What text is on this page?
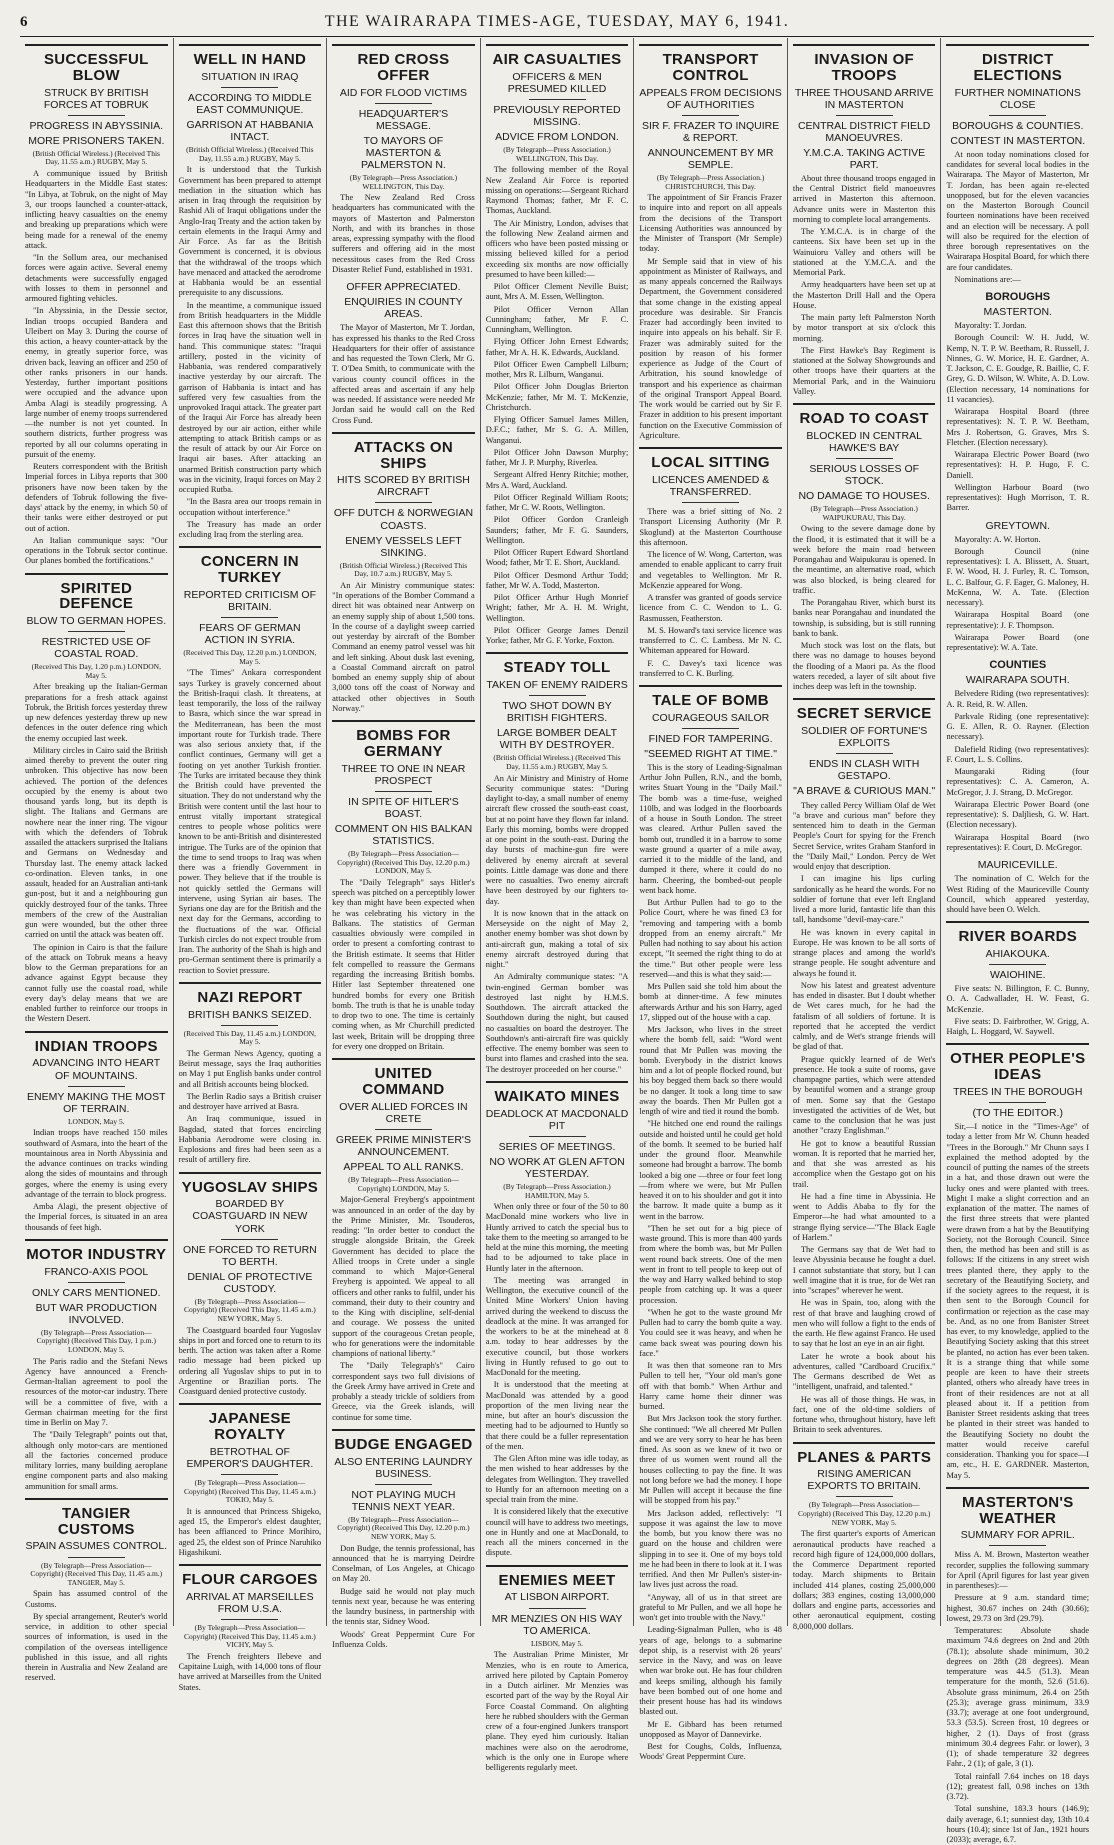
6	THE WAIRARAPA TIMES-AGE, TUESDAY, MAY 6, 1941.
SUCCESSFUL BLOW
STRUCK BY BRITISH FORCES AT TOBRUK
PROGRESS IN ABYSSINIA.
MORE PRISONERS TAKEN.
(British Official Wireless.) (Received This Day, 11.55 a.m.) RUGBY, May 5.

A communique issued by British Headquarters in the Middle East states: "In Libya, at Tobruk, on the night of May 3, our troops launched a counter-attack, inflicting heavy casualties on the enemy and breaking up preparations which were being made for a renewal of the enemy attack.

"In the Sollum area, our mechanised forces were again active. Several enemy detachments were successfully engaged with losses to them in personnel and armoured fighting vehicles.

"In Abyssinia, in the Dessie sector, Indian troops occupied Bandera and Uleibert on May 3. During the course of this action, a heavy counter-attack by the enemy, in greatly superior force, was driven back, leaving an officer and 250 of other ranks prisoners in our hands. Yesterday, further important positions were occupied and the advance upon Amba Alagi is steadily progressing. A large number of enemy troops surrendered—the number is not yet counted. In southern districts, further progress was reported by all our columns operating in pursuit of the enemy.

Reuters correspondent with the British Imperial forces in Libya reports that 300 prisoners have now been taken by the defenders of Tobruk following the five-days' attack by the enemy, in which 50 of their tanks were either destroyed or put out of action.

An Italian communique says: "Our operations in the Tobruk sector continue. Our planes bombed the fortifications."

SPIRITED DEFENCE
BLOW TO GERMAN HOPES.
RESTRICTED USE OF COASTAL ROAD.
(Received This Day, 1.20 p.m.) LONDON, May 5.

After breaking up the Italian-German preparations for a fresh attack against Tobruk, the British forces yesterday threw up new defences yesterday threw up new defences in the outer defence ring which the enemy occupied last week.

Military circles in Cairo said the British aimed thereby to prevent the outer ring unbroken. This objective has now been achieved. The portion of the defences occupied by the enemy is about two thousand yards long, but its depth is slight. The Italians and Germans are nowhere near the inner ring. The vigour with which the defenders of Tobruk assailed the attackers surprised the Italians and Germans on Wednesday and Thursday last. The enemy attack lacked co-ordination. Eleven tanks, in one assault, headed for an Australian anti-tank gun-post, but it and a neighbouring gun quickly destroyed four of the tanks. Three members of the crew of the Australian gun were wounded, but the other three carried on until the attack was beaten off.

The opinion in Cairo is that the failure of the attack on Tobruk means a heavy blow to the German preparations for an advance against Egypt because they cannot fully use the coastal road, while every day's delay means that we are enabled further to reinforce our troops in the Western Desert.

INDIAN TROOPS
ADVANCING INTO HEART OF MOUNTAINS.
ENEMY MAKING THE MOST OF TERRAIN.
LONDON, May 5.

Indian troops have reached 150 miles southward of Asmara, into the heart of the mountainous area in North Abyssinia and the advance continues on tracks winding along the sides of mountains and through gorges, where the enemy is using every advantage of the terrain to block progress.

Amba Alagi, the present objective of the Imperial forces, is situated in an area thousands of feet high.

MOTOR INDUSTRY
FRANCO-AXIS POOL
ONLY CARS MENTIONED.
BUT WAR PRODUCTION INVOLVED.
(By Telegraph—Press Association—Copyright) (Received This Day, 1 p.m.) LONDON, May 5.

The Paris radio and the Stefani News Agency have announced a French-German-Italian agreement to pool the resources of the motor-car industry. There will be a committee of five, with a German chairman meeting for the first time in Berlin on May 7.

The "Daily Telegraph" points out that, although only motor-cars are mentioned all the factories concerned produce military lorries, many building aeroplane engine component parts and also making ammunition for small arms.

TANGIER CUSTOMS
SPAIN ASSUMES CONTROL.
(By Telegraph—Press Association—Copyright) (Received This Day, 11.45 a.m.) TANGIER, May 5.

Spain has assumed control of the Customs.

By special arrangement, Reuter's world service, in addition to other special sources of information, is used in the compilation of the overseas intelligence published in this issue, and all rights therein in Australia and New Zealand are reserved.

WELL IN HAND
SITUATION IN IRAQ
ACCORDING TO MIDDLE EAST COMMUNIQUE.
GARRISON AT HABBANIA INTACT.
(British Official Wireless.) (Received This Day, 11.55 a.m.) RUGBY, May 5.

It is understood that the Turkish Government has been prepared to attempt mediation in the situation which has arisen in Iraq through the requisition by Rashid Ali of Iraqui obligations under the Anglo-Iraq Treaty and the action taken by certain elements in the Iraqui Army and Air Force. As far as the British Government is concerned, it is obvious that the withdrawal of the troops which have menaced and attacked the aerodrome at Habbania would be an essential prerequisite to any discussions.

In the meantime, a communique issued from British headquarters in the Middle East this afternoon shows that the British forces in Iraq have the situation well in hand. This communique states: "Iraqui artillery, posted in the vicinity of Habbania, was rendered comparatively inactive yesterday by our aircraft. The garrison of Habbania is intact and has suffered very few casualties from the unprovoked Iraqui attack. The greater part of the Iraqui Air Force has already been destroyed by our air action, either while attempting to attack British camps or as the result of attack by our Air Force on Iraqui air bases. After attacking an unarmed British construction party which was in the vicinity, Iraqui forces on May 2 occupied Rutba.

"In the Basra area our troops remain in occupation without interference."

The Treasury has made an order excluding Iraq from the sterling area.

CONCERN IN TURKEY
REPORTED CRITICISM OF BRITAIN.
FEARS OF GERMAN ACTION IN SYRIA.
(Received This Day, 12.20 p.m.) LONDON, May 5.

"The Times" Ankara correspondent says Turkey is gravely concerned about the British-Iraqui clash. It threatens, at least temporarily, the loss of the railway to Basra, which since the war spread in the Mediterranean, has been the most important route for Turkish trade. There was also serious anxiety that, if the conflict continues, Germany will get a footing on yet another Turkish frontier. The Turks are irritated because they think the British could have prevented the situation. They do not understand why the British were content until the last hour to entrust vitally important strategical centres to people whose politics were known to be anti-British and disinterested intrigue. The Turks are of the opinion that the time to send troops to Iraq was when there was a friendly Government in power. They believe that if the trouble is not quickly settled the Germans will intervene, using Syrian air bases. The Syrians one day are for the British and the next day for the Germans, according to the fluctuations of the war. Official Turkish circles do not expect trouble from Iran. The authority of the Shah is high and pro-German sentiment there is primarily a reaction to Soviet pressure.

NAZI REPORT
BRITISH BANKS SEIZED.
(Received This Day, 11.45 a.m.) LONDON, May 5.

The German News Agency, quoting a Beirut message, says the Iraq authorities on May 1 put English banks under control and all British accounts being blocked.

The Berlin Radio says a British cruiser and destroyer have arrived at Basra.

An Iraq communique, issued in Bagdad, stated that forces encircling Habbania Aerodrome were closing in. Explosions and fires had been seen as a result of artillery fire.

YUGOSLAV SHIPS
BOARDED BY COASTGUARD IN NEW YORK
ONE FORCED TO RETURN TO BERTH.
DENIAL OF PROTECTIVE CUSTODY.
(By Telegraph—Press Association—Copyright) (Received This Day, 11.45 a.m.) NEW YORK, May 5.

The Coastguard boarded four Yugoslav ships in port and forced one to return to its berth. The action was taken after a Rome radio message had been picked up ordering all Yugoslav ships to put in to Argentine or Brazilian ports. The Coastguard denied protective custody.

JAPANESE ROYALTY
BETROTHAL OF EMPEROR'S DAUGHTER.
(By Telegraph—Press Association—Copyright) (Received This Day, 11.45 a.m.) TOKIO, May 5.

It is announced that Princess Shigeko, aged 15, the Emperor's eldest daughter, has been affianced to Prince Morihiro, aged 25, the eldest son of Prince Naruhiko Higashikuni.

FLOUR CARGOES
ARRIVAL AT MARSEILLES FROM U.S.A.
(By Telegraph—Press Association—Copyright) (Received This Day, 11.45 a.m.) VICHY, May 5.

The French freighters Ilebeve and Capitaine Luigh, with 14,000 tons of flour have arrived at Marseilles from the United States.

RED CROSS OFFER
AID FOR FLOOD VICTIMS
HEADQUARTER'S MESSAGE.
TO MAYORS OF MASTERTON & PALMERSTON N.
(By Telegraph—Press Association.) WELLINGTON, This Day.

The New Zealand Red Cross headquarters has communicated with the mayors of Masterton and Palmerston North, and with its branches in those areas, expressing sympathy with the flood sufferers and offering aid in the most necessitous cases from the Red Cross Disaster Relief Fund, established in 1931.

OFFER APPRECIATED.
ENQUIRIES IN COUNTY AREAS.

The Mayor of Masterton, Mr T. Jordan, has expressed his thanks to the Red Cross Headquarters for their offer of assistance and has requested the Town Clerk, Mr G. T. O'Dea Smith, to communicate with the various county council offices in the affected areas and ascertain if any help was needed. If assistance were needed Mr Jordan said he would call on the Red Cross Fund.

ATTACKS ON SHIPS
HITS SCORED BY BRITISH AIRCRAFT
OFF DUTCH & NORWEGIAN COASTS.
ENEMY VESSELS LEFT SINKING.
(British Official Wireless.) (Received This Day, 10.7 a.m.) RUGBY, May 5.

An Air Ministry communique states: "In operations of the Bomber Command a direct hit was obtained near Antwerp on an enemy supply ship of about 1,500 tons. In the course of a daylight sweep carried out yesterday by aircraft of the Bomber Command an enemy patrol vessel was hit and left sinking. About dusk last evening, a Coastal Command aircraft on patrol bombed an enemy supply ship of about 3,000 tons off the coast of Norway and attacked other objectives in South Norway."

BOMBS FOR GERMANY
THREE TO ONE IN NEAR PROSPECT
IN SPITE OF HITLER'S BOAST.
COMMENT ON HIS BALKAN STATISTICS.
(By Telegraph—Press Association—Copyright) (Received This Day, 12.20 p.m.) LONDON, May 5.

The "Daily Telegraph" says Hitler's speech was pitched on a perceptibly lower key than might have been expected when he was celebrating his victory in the Balkans. The statistics of German casualties obviously were compiled in order to present a comforting contrast to the British estimate. It seems that Hitler felt compelled to reassure the Germans regarding the increasing British bombs. Hitler last September threatened one hundred bombs for every one British bomb. The truth is that he is unable today to drop two to one. The time is certainly coming when, as Mr Churchill predicted last week, Britain will be dropping three for every one dropped on Britain.

UNITED COMMAND
OVER ALLIED FORCES IN CRETE
GREEK PRIME MINISTER'S ANNOUNCEMENT.
APPEAL TO ALL RANKS.
(By Telegraph—Press Association—Copyright) LONDON, May 5.

Major-General Freyberg's appointment was announced in an order of the day by the Prime Minister, Mr. Tsouderos, reading: "In order better to conduct the struggle alongside Britain, the Greek Government has decided to place the Allied troops in Crete under a single command to which Major-General Freyberg is appointed. We appeal to all officers and other ranks to fulfil, under his command, their duty to their country and to the King with discipline, self-denial and courage. We possess the united support of the courageous Cretan people, who for generations were the indomitable champions of national liberty."

The "Daily Telegraph's" Cairo correspondent says two full divisions of the Greek Army have arrived in Crete and probably a steady trickle of soldiers from Greece, via the Greek islands, will continue for some time.

BUDGE ENGAGED
ALSO ENTERING LAUNDRY BUSINESS.
NOT PLAYING MUCH TENNIS NEXT YEAR.
(By Telegraph—Press Association—Copyright) (Received This Day, 12.20 p.m.) NEW YORK, May 5.

Don Budge, the tennis professional, has announced that he is marrying Deirdre Conselman, of Los Angeles, at Chicago on May 20.

Budge said he would not play much tennis next year, because he was entering the laundry business, in partnership with the tennis star, Sidney Wood.

Woods' Great Peppermint Cure For Influenza Colds.

AIR CASUALTIES
OFFICERS & MEN PRESUMED KILLED
PREVIOUSLY REPORTED MISSING.
ADVICE FROM LONDON.
(By Telegraph—Press Association.) WELLINGTON, This Day.

The following member of the Royal New Zealand Air Force is reported missing on operations:—Sergeant Richard Raymond Thomas; father, Mr F. C. Thomas, Auckland.

The Air Ministry, London, advises that the following New Zealand airmen and officers who have been posted missing or missing believed killed for a period exceeding six months are now officially presumed to have been killed:—

Pilot Officer Clement Neville Buist; aunt, Mrs A. M. Essen, Wellington.

Pilot Officer Vernon Allan Cunningham; father, Mr F. C. Cunningham, Wellington.

Flying Officer John Ernest Edwards; father, Mr A. H. K. Edwards, Auckland.

Pilot Officer Ewen Campbell Lilburn; mother, Mrs R. Lilburn, Wanganui.

Pilot Officer John Douglas Brierton McKenzie; father, Mr M. T. McKenzie, Christchurch.

Flying Officer Samuel James Millen, D.F.C.; father, Mr S. G. A. Millen, Wanganui.

Pilot Officer John Dawson Murphy; father, Mr J. P. Murphy, Riverlea.

Sergeant Alfred Henry Ritchie; mother, Mrs A. Ward, Auckland.

Pilot Officer Reginald William Roots; father, Mr C. W. Roots, Wellington.

Pilot Officer Gordon Cranleigh Saunders; father, Mr F. G. Saunders, Wellington.

Pilot Officer Rupert Edward Shortland Wood; father, Mr T. E. Short, Auckland.

Pilot Officer Desmond Arthur Todd; father, Mr W. A. Todd, Masterton.

Pilot Officer Arthur Hugh Monrief Wright; father, Mr A. H. M. Wright, Wellington.

Pilot Officer George James Denzil Yorke; father, Mr G. F. Yorke, Foxton.

STEADY TOLL
TAKEN OF ENEMY RAIDERS
TWO SHOT DOWN BY BRITISH FIGHTERS.
LARGE BOMBER DEALT WITH BY DESTROYER.
(British Official Wireless.) (Received This Day, 11.55 a.m.) RUGBY, May 5.

An Air Ministry and Ministry of Home Security communique states: "During daylight to-day, a small number of enemy aircraft flew crossed the south-east coast, but at no point have they flown far inland. Early this morning, bombs were dropped at one point in the south-east. During the day bursts of machine-gun fire were delivered by enemy aircraft at several points. Little damage was done and there were no casualties. Two enemy aircraft have been destroyed by our fighters to-day.

It is now known that in the attack on Merseyside on the night of May 2, another enemy bomber was shot down by anti-aircraft gun, making a total of six enemy aircraft destroyed during that night."

An Admiralty communique states: "A twin-engined German bomber was destroyed last night by H.M.S. Southdown. The aircraft attacked the Southdown during the night, but caused no casualties on board the destroyer. The Southdown's anti-aircraft fire was quickly effective. The enemy bomber was seen to burst into flames and crashed into the sea. The destroyer proceeded on her course."

WAIKATO MINES
DEADLOCK AT MACDONALD PIT
SERIES OF MEETINGS.
NO WORK AT GLEN AFTON YESTERDAY.
(By Telegraph—Press Association.) HAMILTON, May 5.

When only three or four of the 50 to 80 MacDonald mine workers who live in Huntly arrived to catch the special bus to take them to the meeting so arranged to be held at the mine this morning, the meeting had to be adjourned to take place in Huntly later in the afternoon.

The meeting was arranged in Wellington, the executive council of the United Mine Workers' Union having arrived during the weekend to discuss the deadlock at the mine. It was arranged for the workers to be at the minehead at 8 a.m. today to hear addresses by the executive council, but those workers living in Huntly refused to go out to MacDonald for the meeting.

It is understood that the meeting at MacDonald was attended by a good proportion of the men living near the mine, but after an hour's discussion the meeting had to be adjourned to Huntly so that there could be a fuller representation of the men.

The Glen Afton mine was idle today, as the men wished to hear addresses by the delegates from Wellington. They travelled to Huntly for an afternoon meeting on a special train from the mine.

It is considered likely that the executive council will have to address two meetings, one in Huntly and one at MacDonald, to reach all the miners concerned in the dispute.

ENEMIES MEET
AT LISBON AIRPORT.
MR MENZIES ON HIS WAY TO AMERICA.
LISBON, May 5.

The Australian Prime Minister, Mr Menzies, who is en route to America, arrived here piloted by Captain Pomeroy in a Dutch airliner. Mr Menzies was escorted part of the way by the Royal Air Force Coastal Command. On alighting here he rubbed shoulders with the German crew of a four-engined Junkers transport plane. They eyed him curiously. Italian machines were also on the aerodrome, which is the only one in Europe where belligerents regularly meet.

TRANSPORT CONTROL
APPEALS FROM DECISIONS OF AUTHORITIES
SIR F. FRAZER TO INQUIRE & REPORT.
ANNOUNCEMENT BY MR SEMPLE.
(By Telegraph—Press Association.) CHRISTCHURCH, This Day.

The appointment of Sir Francis Frazer to inquire into and report on all appeals from the decisions of the Transport Licensing Authorities was announced by the Minister of Transport (Mr Semple) today.

Mr Semple said that in view of his appointment as Minister of Railways, and as many appeals concerned the Railways Department, the Government considered that some change in the existing appeal procedure was desirable. Sir Francis Frazer had accordingly been invited to inquire into appeals on his behalf. Sir F. Frazer was admirably suited for the position by reason of his former experience as Judge of the Court of Arbitration, his sound knowledge of transport and his experience as chairman of the original Transport Appeal Board. The work would be carried out by Sir F. Frazer in addition to his present important function on the Executive Commission of Agriculture.

LOCAL SITTING
LICENCES AMENDED & TRANSFERRED.

There was a brief sitting of No. 2 Transport Licensing Authority (Mr P. Skoglund) at the Masterton Courthouse this afternoon.

The licence of W. Wong, Carterton, was amended to enable applicant to carry fruit and vegetables to Wellington. Mr R. McKenzie appeared for Wong.

A transfer was granted of goods service licence from C. C. Wendon to L. G. Rasmussen, Featherston.

M. S. Howard's taxi service licence was transferred to C. C. Lambess. Mr N. C. Whiteman appeared for Howard.

F. C. Davey's taxi licence was transferred to C. K. Burling.

TALE OF BOMB
COURAGEOUS SAILOR
FINED FOR TAMPERING.
"SEEMED RIGHT AT TIME."

This is the story of Leading-Signalman Arthur John Pullen, R.N., and the bomb, writes Stuart Young in the "Daily Mail." The bomb was a time-fuse, weighed 110lb, and was lodged in the floorboards of a house in South London. The street was cleared. Arthur Pullen saved the bomb out, trundled it in a barrow to some waste ground a quarter of a mile away, carried it to the middle of the land, and dumped it there, where it could do no harm. Cheering, the bombed-out people went back home.

But Arthur Pullen had to go to the Police Court, where he was fined £3 for "removing and tampering with a bomb dropped from an enemy aircraft." Mr Pullen had nothing to say about his action except, "It seemed the right thing to do at the time." But other people were less reserved—and this is what they said:—

Mrs Pullen said she told him about the bomb at dinner-time. A few minutes afterwards Arthur and his son Harry, aged 17, slipped out of the house with a cap.

Mrs Jackson, who lives in the street where the bomb fell, said: "Word went round that Mr Pullen was moving the bomb. Everybody in the district knows him and a lot of people flocked round, but his boy begged them back so there would be no danger. It took a long time to saw away the boards. Then Mr Pullen got a length of wire and tied it round the bomb.

"He hitched one end round the railings outside and hoisted until he could get hold of the bomb. It seemed to be buried half under the ground floor. Meanwhile someone had brought a barrow. The bomb looked a big one —three or four feet long—from where we were, but Mr Pullen heaved it on to his shoulder and got it into the barrow. It made quite a bump as it went in the barrow.

"Then he set out for a big piece of waste ground. This is more than 400 yards from where the bomb was, but Mr Pullen went round back streets. One of the men went in front to tell people to keep out of the way and Harry walked behind to stop people from catching up. It was a queer procession.

"When he got to the waste ground Mr Pullen had to carry the bomb quite a way. You could see it was heavy, and when he came back sweat was pouring down his face."

It was then that someone ran to Mrs Pullen to tell her, "Your old man's gone off with that bomb." When Arthur and Harry came home their dinner was burned.

But Mrs Jackson took the story further. She continued: "We all cheered Mr Pullen and we are very sorry to hear he has been fined. As soon as we knew of it two or three of us women went round all the houses collecting to pay the fine. It was not long before we had the money. I hope Mr Pullen will accept it because the fine will be stopped from his pay."

Mrs Jackson added, reflectively: "I suppose it was against the law to move the bomb, but you know there was no guard on the house and children were slipping in to see it. One of my boys told me he had been in there to look at it. I was terrified. And then Mr Pullen's sister-in-law lives just across the road.

"Anyway, all of us in that street are grateful to Mr Pullen, and we all hope he won't get into trouble with the Navy."

Leading-Signalman Pullen, who is 48 years of age, belongs to a submarine depot ship, is a reservist with 26 years' service in the Navy, and was on leave when war broke out. He has four children and keeps smiling, although his family have been bombed out of one home and their present house has had its windows blasted out.

Mr E. Gibbard has been returned unopposed as Mayor of Dannevirke.

Best for Coughs, Colds, Influenza, Woods' Great Peppermint Cure.

INVASION OF TROOPS
THREE THOUSAND ARRIVE IN MASTERTON
CENTRAL DISTRICT FIELD MANOEUVRES.
Y.M.C.A. TAKING ACTIVE PART.

About three thousand troops engaged in the Central District field manoeuvres arrived in Masterton this afternoon. Advance units were in Masterton this morning to complete local arrangements.

The Y.M.C.A. is in charge of the canteens. Six have been set up in the Wainuioru Valley and others will be stationed at the Y.M.C.A. and the Memorial Park.

Army headquarters have been set up at the Masterton Drill Hall and the Opera House.

The main party left Palmerston North by motor transport at six o'clock this morning.

The First Hawke's Bay Regiment is stationed at the Solway Showgrounds and other troops have their quarters at the Memorial Park, and in the Wainuioru Valley.

ROAD TO COAST
BLOCKED IN CENTRAL HAWKE'S BAY
SERIOUS LOSSES OF STOCK.
NO DAMAGE TO HOUSES.
(By Telegraph—Press Association.) WAIPUKURAU, This Day.

Owing to the severe damage done by the flood, it is estimated that it will be a week before the main road between Porangahau and Waipukurau is opened. In the meantime, an alternative road, which was also blocked, is being cleared for traffic.

The Porangahau River, which burst its banks near Porangahau and inundated the township, is subsiding, but is still running bank to bank.

Much stock was lost on the flats, but there was no damage to houses beyond the flooding of a Maori pa. As the flood waters receded, a layer of silt about five inches deep was left in the township.

SECRET SERVICE
SOLDIER OF FORTUNE'S EXPLOITS
ENDS IN CLASH WITH GESTAPO.
"A BRAVE & CURIOUS MAN."

They called Percy William Olaf de Wet "a brave and curious man" before they sentenced him to death in the German People's Court for spying for the French Secret Service, writes Graham Stanford in the "Daily Mail," London. Percy de Wet would enjoy that description.

I can imagine his lips curling sardonically as he heard the words. For no soldier of fortune that ever left England lived a more lurid, fantastic life than this tall, handsome "devil-may-care."

He was known in every capital in Europe. He was known to be all sorts of strange places and among the world's strange people. He sought adventure and always he found it.

Now his latest and greatest adventure has ended in disaster. But I doubt whether de Wet cares much, for he had the fatalism of all soldiers of fortune. It is reported that he accepted the verdict calmly, and de Wet's strange friends will be glad of that.

Prague quickly learned of de Wet's presence. He took a suite of rooms, gave champagne parties, which were attended by beautiful women and a strange group of men. Some say that the Gestapo investigated the activities of de Wet, but came to the conclusion that he was just another "crazy Englishman."

He got to know a beautiful Russian woman. It is reported that he married her, and that she was arrested as his accomplice when the Gestapo got on his trail.

He had a fine time in Abyssinia. He went to Addis Ababa to fly for the Emperor—he had what amounted to a strange flying service—"The Black Eagle of Harlem."

The Germans say that de Wet had to leave Abyssinia because he fought a duel. I cannot substantiate that story, but I can well imagine that it is true, for de Wet ran into "scrapes" wherever he went.

He was in Spain, too, along with the rest of that brave and laughing crowd of men who will follow a fight to the ends of the earth. He flew against Franco. He used to say that he lost an eye in an air fight.

Later he wrote a book about his adventures, called "Cardboard Crucifix." The Germans described de Wet as "intelligent, unafraid, and talented."

He was all of those things. He was, in fact, one of the old-time soldiers of fortune who, throughout history, have left Britain to seek adventures.

PLANES & PARTS
RISING AMERICAN EXPORTS TO BRITAIN.
(By Telegraph—Press Association—Copyright) (Received This Day, 12.20 p.m.) NEW YORK, May 5.

The first quarter's exports of American aeronautical products have reached a record high figure of 124,000,000 dollars, the Commerce Department reported today. March shipments to Britain included 414 planes, costing 25,000,000 dollars; 383 engines, costing 13,000,000 dollars and engine parts, accessories and other aeronautical equipment, costing 8,000,000 dollars.

DISTRICT ELECTIONS
FURTHER NOMINATIONS CLOSE
BOROUGHS & COUNTIES.
CONTEST IN MASTERTON.

At noon today nominations closed for candidates for several local bodies in the Wairarapa. The Mayor of Masterton, Mr T. Jordan, has been again re-elected unopposed, but for the eleven vacancies on the Masterton Borough Council fourteen nominations have been received and an election will be necessary. A poll will also be required for the election of three borough representatives on the Wairarapa Hospital Board, for which there are four candidates.

Nominations are:—

BOROUGHS
MASTERTON.

Mayoralty: T. Jordan.

Borough Council: W. H. Judd, W. Kemp, N. T. P. W. Beetham, R. Russell, J. Ninnes, G. W. Morice, H. E. Gardner, A. T. Jackson, C. E. Goudge, R. Baillie, C. F. Grey, G. D. Wilson, W. White, A. D. Low. (Election necessary, 14 nominations for 11 vacancies).

Wairarapa Hospital Board (three representatives): N. T. P. W. Beetham, Mrs J. Robertson, G. Graves, Mrs S. Fletcher. (Election necessary).

Wairarapa Electric Power Board (two representatives): H. P. Hugo, F. C. Daniell.

Wellington Harbour Board (two representatives): Hugh Morrison, T. R. Barrer.

GREYTOWN.

Mayoralty: A. W. Horton.

Borough Council (nine representatives): I. A. Blissett, A. Stuart, F. W. Wood, H. J. Furley, R. C. Tomson, L. C. Balfour, G. F. Eager, G. Maloney, H. McKenna, W. A. Tate. (Election necessary).

Wairarapa Hospital Board (one representative): J. F. Thompson.

Wairarapa Power Board (one representative): W. A. Tate.

COUNTIES
WAIRARAPA SOUTH.

Belvedere Riding (two representatives): A. R. Reid, R. W. Allen.

Parkvale Riding (one representative): G. E. Allen, R. O. Rayner. (Election necessary).

Dalefield Riding (two representatives): F. Court, L. S. Collins.

Maungaraki Riding (four representatives): C. A. Cameron, A. McGregor, J. J. Strang, D. McGregor.

Wairarapa Electric Power Board (one representative): S. Daljliesh, G. W. Hart. (Election necessary).

Wairarapa Hospital Board (two representatives): F. Court, D. McGregor.

MAURICEVILLE.

The nomination of C. Welch for the West Riding of the Mauriceville County Council, which appeared yesterday, should have been O. Welch.

RIVER BOARDS
AHIAKOUKA.
WAIOHINE.

Five seats: N. Billington, F. C. Bunny, O. A. Cadwallader, H. W. Feast, G. McKenzie.

Five seats: D. Fairbrother, W. Grigg, A. Haigh, L. Hoggard, W. Saywell.

OTHER PEOPLE'S IDEAS
TREES IN THE BOROUGH
(TO THE EDITOR.)

Sir,—I notice in the "Times-Age" of today a letter from Mr W. Chunn headed "Trees in the Borough." Mr Chunn says I explained the method adopted by the council of putting the names of the streets in a hat, and those drawn out were the lucky ones and were planted with trees. Might I make a slight correction and an explanation of the matter. The names of the first three streets that were planted were drawn from a hat by the Beautifying Society, not the Borough Council. Since then, the method has been and still is as follows: If the citizens in any street wish trees planted there, they apply to the secretary of the Beautifying Society, and if the society agrees to the request, it is then sent to the Borough Council for confirmation or rejection as the case may be. And, as no one from Banister Street has ever, to my knowledge, applied to the Beautifying Society asking that this street be planted, no action has ever been taken. It is a strange thing that while some people are keen to have their streets planted, others who already have trees in front of their residences are not at all pleased about it. If a petition from Banister Street residents asking that trees be planted in their street was handed to the Beautifying Society no doubt the matter would receive careful consideration. Thanking you for space—I am, etc., H. E. GARDNER. Masterton, May 5.

MASTERTON'S WEATHER
SUMMARY FOR APRIL.

Miss A. M. Brown, Masterton weather recorder, supplies the following summary for April (April figures for last year given in parentheses):—

Pressure at 9 a.m. standard time; highest, 30.67 inches on 24th (30.66); lowest, 29.73 on 3rd (29.79).

Temperatures: Absolute shade maximum 74.6 degrees on 2nd and 20th (78.1); absolute shade minimum, 30.2 degrees on 28th (28 degrees). Mean temperature was 44.5 (51.3). Mean temperature for the month, 52.6 (51.6). Absolute grass minimum, 26.4 on 25th (25.3); average grass minimum, 33.9 (33.7); average at one foot underground, 53.3 (53.5). Screen frost, 10 degrees or higher, 2 (1). Days of frost (grass minimum 30.4 degrees Fahr. or lower), 3 (1); of shade temperature 32 degrees Fahr., 2 (1); of gale, 3 (1).

Total rainfall 7.64 inches on 18 days (12); greatest fall, 0.98 inches on 13th (3.72).

Total sunshine, 183.3 hours (146.9); daily average, 6.1; sunniest day, 13th 10.4 hours (10.4); since 1st of Jan., 1921 hours (2033); average, 6.7.
